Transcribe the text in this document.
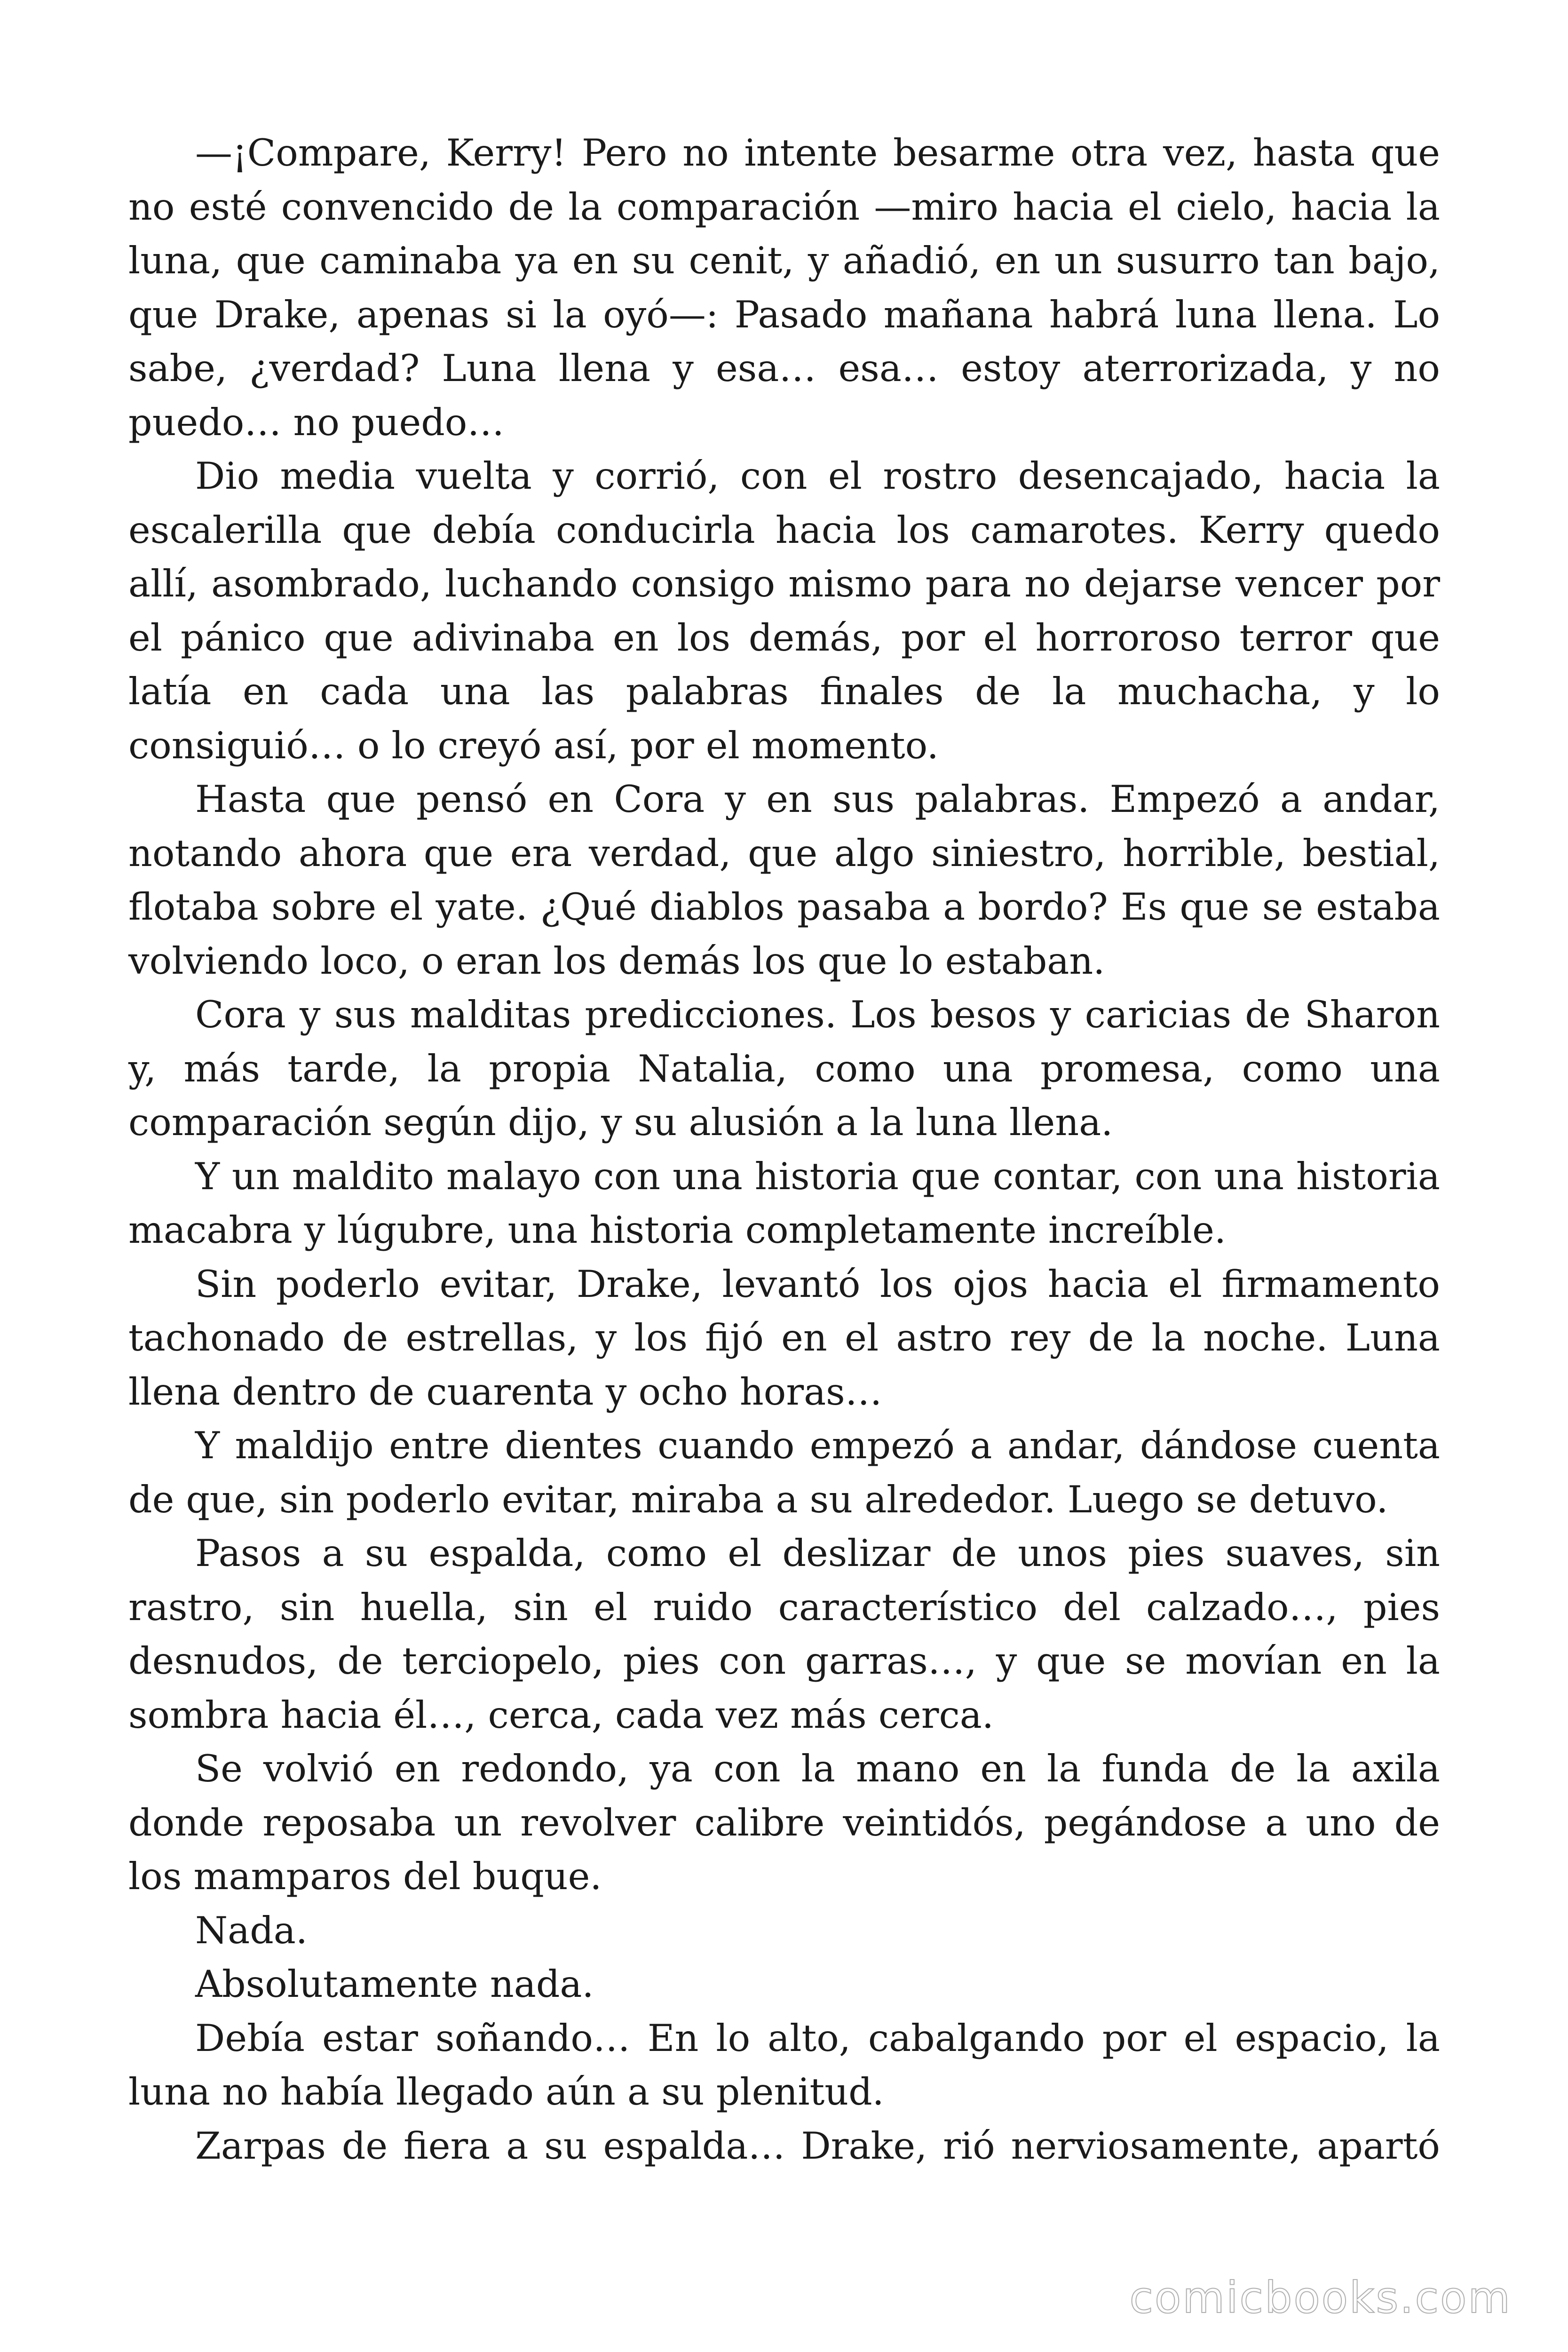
—¡Compare, Kerry! Pero no intente besarme otra vez, hasta que no esté convencido de la comparación —miro hacia el cielo, hacia la luna, que caminaba ya en su cenit, y añadió, en un susurro tan bajo, que Drake, apenas si la oyó—: Pasado mañana habrá luna llena. Lo sabe, ¿verdad? Luna llena y esa… esa… estoy aterrorizada, y no puedo… no puedo…

Dio media vuelta y corrió, con el rostro desencajado, hacia la escalerilla que debía conducirla hacia los camarotes. Kerry quedo allí, asombrado, luchando consigo mismo para no dejarse vencer por el pánico que adivinaba en los demás, por el horroroso terror que latía en cada una las palabras finales de la muchacha, y lo consiguió… o lo creyó así, por el momento.

Hasta que pensó en Cora y en sus palabras. Empezó a andar, notando ahora que era verdad, que algo siniestro, horrible, bestial, flotaba sobre el yate. ¿Qué diablos pasaba a bordo? Es que se estaba volviendo loco, o eran los demás los que lo estaban.

Cora y sus malditas predicciones. Los besos y caricias de Sharon y, más tarde, la propia Natalia, como una promesa, como una comparación según dijo, y su alusión a la luna llena.

Y un maldito malayo con una historia que contar, con una historia macabra y lúgubre, una historia completamente increíble.

Sin poderlo evitar, Drake, levantó los ojos hacia el firmamento tachonado de estrellas, y los fijó en el astro rey de la noche. Luna llena dentro de cuarenta y ocho horas…

Y maldijo entre dientes cuando empezó a andar, dándose cuenta de que, sin poderlo evitar, miraba a su alrededor. Luego se detuvo.

Pasos a su espalda, como el deslizar de unos pies suaves, sin rastro, sin huella, sin el ruido característico del calzado…, pies desnudos, de terciopelo, pies con garras…, y que se movían en la sombra hacia él…, cerca, cada vez más cerca.

Se volvió en redondo, ya con la mano en la funda de la axila donde reposaba un revolver calibre veintidós, pegándose a uno de los mamparos del buque.

Nada.

Absolutamente nada.

Debía estar soñando… En lo alto, cabalgando por el espacio, la luna no había llegado aún a su plenitud.

Zarpas de fiera a su espalda… Drake, rió nerviosamente, apartó

comicbooks.com
